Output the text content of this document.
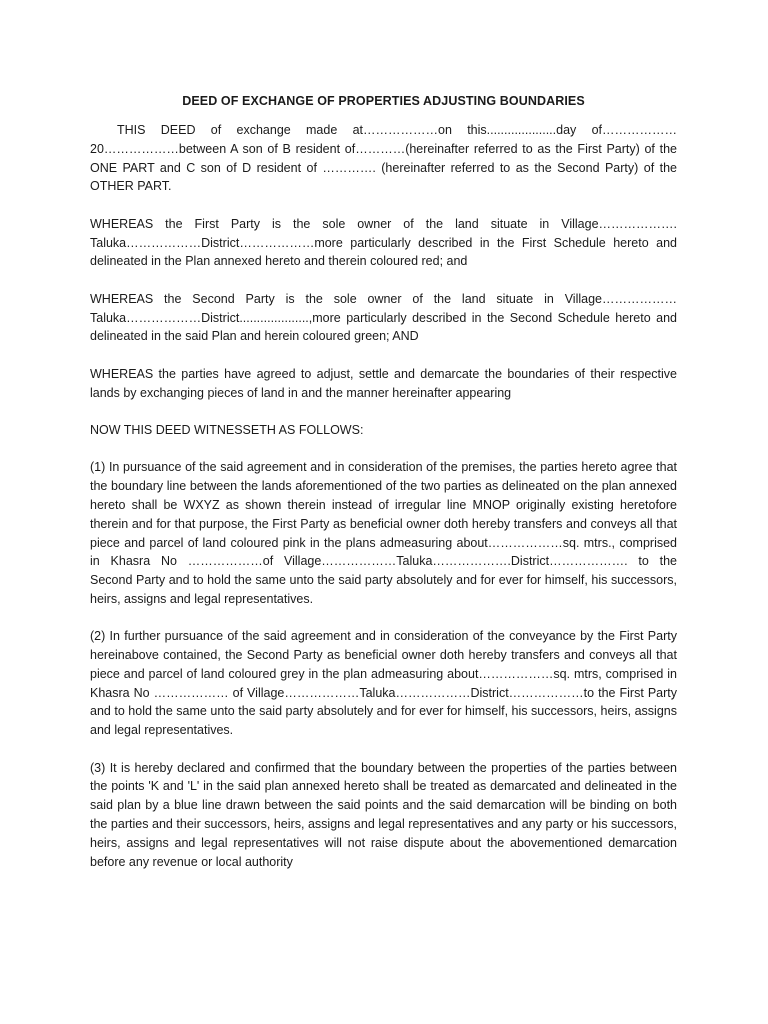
DEED OF EXCHANGE OF PROPERTIES ADJUSTING BOUNDARIES

THIS DEED of exchange made at………………on this....................day of………………20………………between A son of B resident of…………(hereinafter referred to as the First Party) of the ONE PART and C son of D resident of …………. (hereinafter referred to as the Second Party) of the OTHER PART.

WHEREAS the First Party is the sole owner of the land situate in Village………………. Taluka………………District………………more particularly described in the First Schedule hereto and delineated in the Plan annexed hereto and therein coloured red; and

WHEREAS the Second Party is the sole owner of the land situate in Village………………Taluka………………District....................,more particularly described in the Second Schedule hereto and delineated in the said Plan and herein coloured green; AND

WHEREAS the parties have agreed to adjust, settle and demarcate the boundaries of their respective lands by exchanging pieces of land in and the manner hereinafter appearing

NOW THIS DEED WITNESSETH AS FOLLOWS:

(1) In pursuance of the said agreement and in consideration of the premises, the parties hereto agree that the boundary line between the lands aforementioned of the two parties as delineated on the plan annexed hereto shall be WXYZ as shown therein instead of irregular line MNOP originally existing heretofore therein and for that purpose, the First Party as beneficial owner doth hereby transfers and conveys all that piece and parcel of land coloured pink in the plans admeasuring about………………sq. mtrs., comprised in Khasra No ………………of Village………………Taluka……………….District………………. to the Second Party and to hold the same unto the said party absolutely and for ever for himself, his successors, heirs, assigns and legal representatives.

(2) In further pursuance of the said agreement and in consideration of the conveyance by the First Party hereinabove contained, the Second Party as beneficial owner doth hereby transfers and conveys all that piece and parcel of land coloured grey in the plan admeasuring about………………sq. mtrs, comprised in Khasra No ……………… of Village………………Taluka………………District………………to the First Party and to hold the same unto the said party absolutely and for ever for himself, his successors, heirs, assigns and legal representatives.

(3) It is hereby declared and confirmed that the boundary between the properties of the parties between the points 'K and 'L' in the said plan annexed hereto shall be treated as demarcated and delineated in the said plan by a blue line drawn between the said points and the said demarcation will be binding on both the parties and their successors, heirs, assigns and legal representatives and any party or his successors, heirs, assigns and legal representatives will not raise dispute about the abovementioned demarcation before any revenue or local authority
